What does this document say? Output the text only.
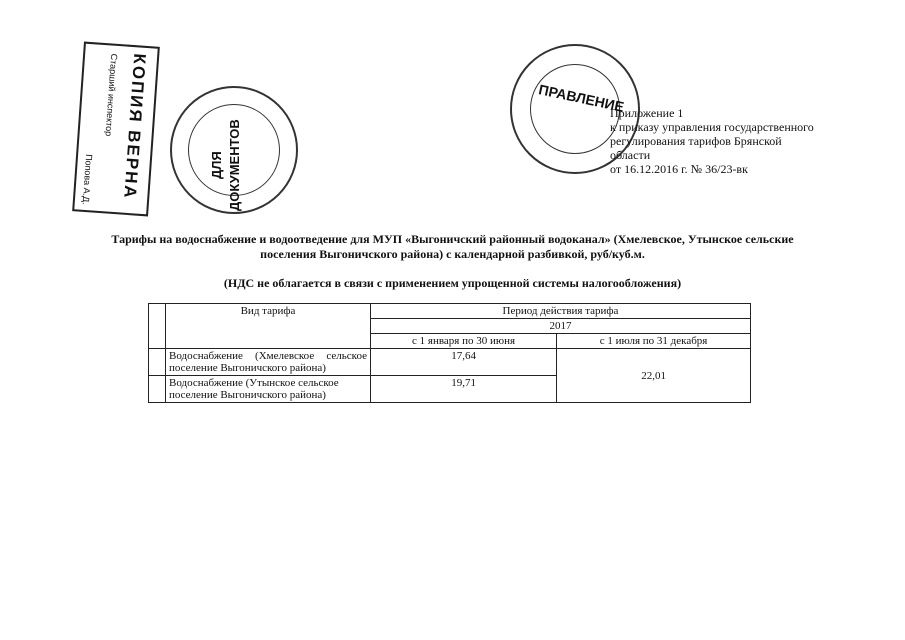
КОПИЯ ВЕРНА
Старший инспектор
Попова А.Д.	ДЛЯ ДОКУМЕНТОВ
ПРАВЛЕНИЕ
Приложение 1
к приказу управления государственного
регулирования тарифов Брянской
области
от 16.12.2016 г. № 36/23-вк
Тарифы на водоснабжение и водоотведение для МУП «Выгоничский районный водоканал» (Хмелевское, Утынское сельские
поселения Выгоничского района) с календарной разбивкой, руб/куб.м.
(НДС не облагается в связи с применением упрощенной системы налогообложения)
	Вид тарифа	Период действия тарифа	
		2017	
		с 1 января по 30 июня	с 1 июля по 31 декабря
	Водоснабжение (Хмелевское сельское поселение Выгоничского района)	17,64	22,01
	Водоснабжение (Утынское сельское поселение Выгоничского района)	19,71	
